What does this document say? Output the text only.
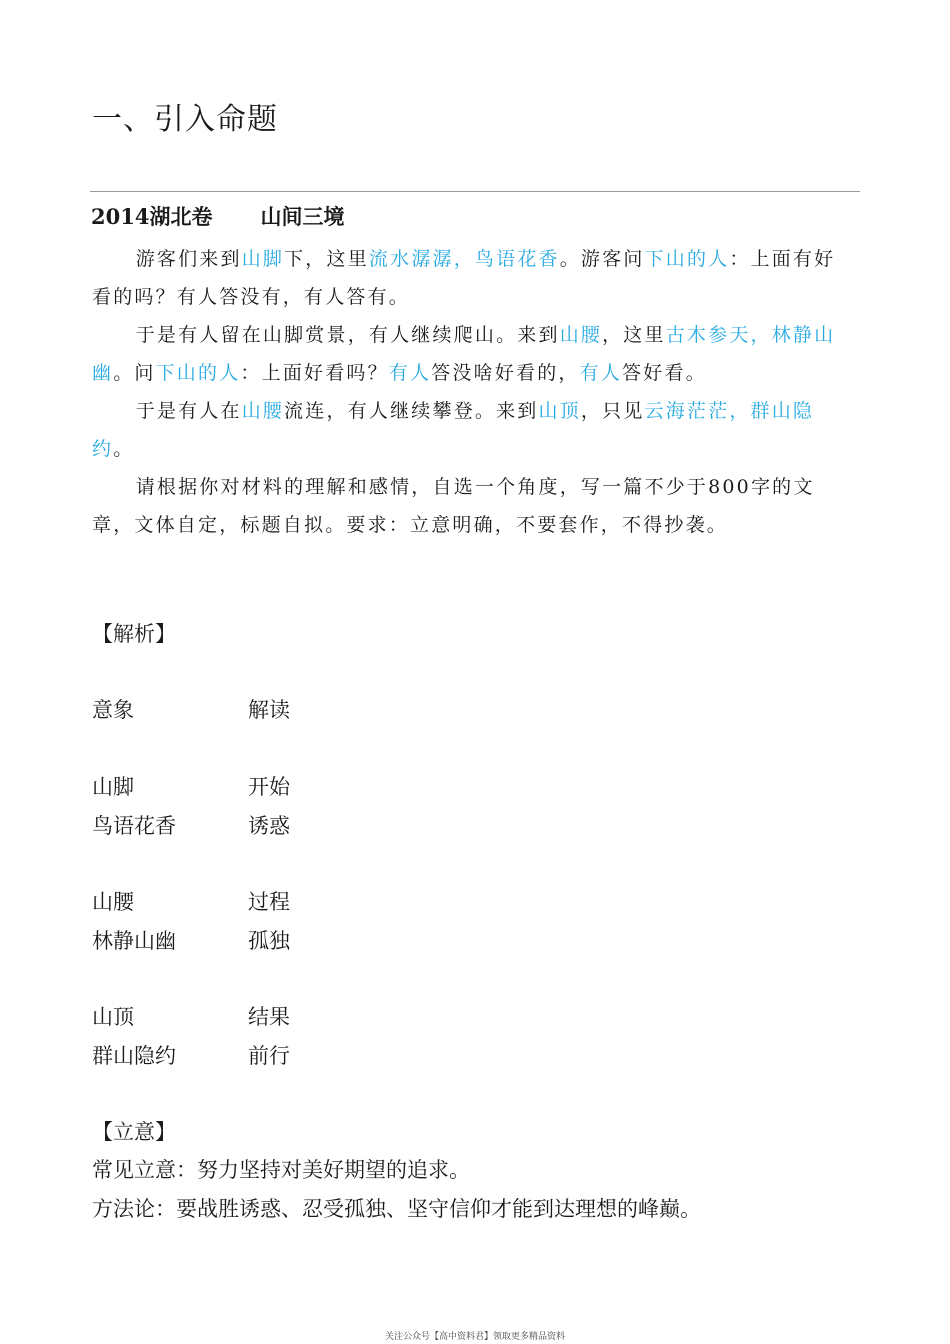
一、引入命题
2014湖北卷 山间三境

游客们来到山脚下，这里流水潺潺，鸟语花香。游客问下山的人：上面有好看的吗？有人答没有，有人答有。

于是有人留在山脚赏景，有人继续爬山。来到山腰，这里古木参天，林静山幽。问下山的人：上面好看吗？有人答没啥好看的，有人答好看。

于是有人在山腰流连，有人继续攀登。来到山顶，只见云海茫茫，群山隐约。

请根据你对材料的理解和感情，自选一个角度，写一篇不少于800字的文章，文体自定，标题自拟。要求：立意明确，不要套作，不得抄袭。

【解析】
意象	解读
山脚	开始
鸟语花香	诱惑
山腰	过程
林静山幽	孤独
山顶	结果
群山隐约	前行
【立意】
常见立意：努力坚持对美好期望的追求。
方法论：要战胜诱惑、忍受孤独、坚守信仰才能到达理想的峰巅。
关注公众号【高中资料君】领取更多精品资料
